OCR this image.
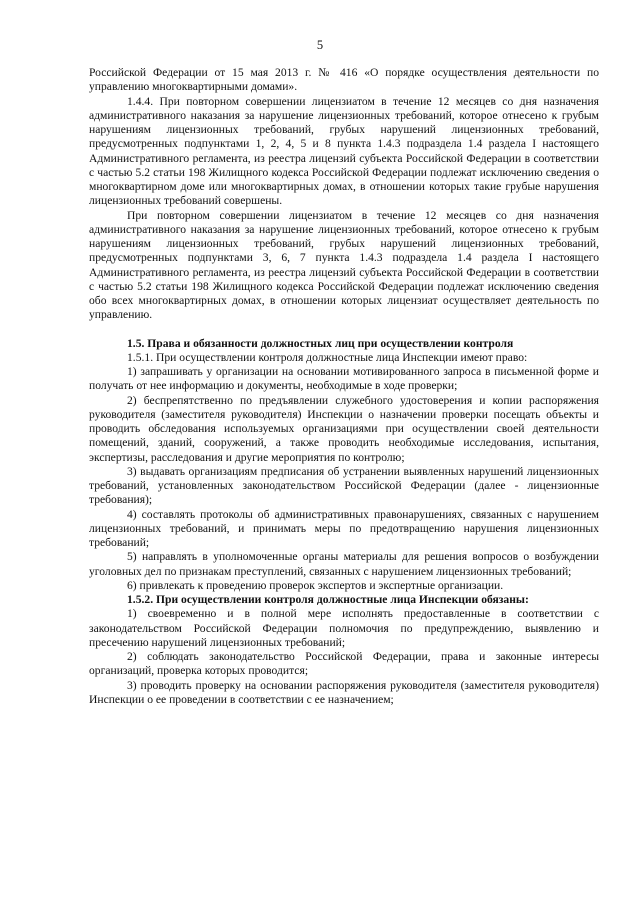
5

Российской Федерации от 15 мая 2013 г. № 416 «О порядке осуществления деятельности по управлению многоквартирными домами».

1.4.4. При повторном совершении лицензиатом в течение 12 месяцев со дня назначения административного наказания за нарушение лицензионных требований, которое отнесено к грубым нарушениям лицензионных требований, грубых нарушений лицензионных требований, предусмотренных подпунктами 1, 2, 4, 5 и 8 пункта 1.4.3 подраздела 1.4 раздела I настоящего Административного регламента, из реестра лицензий субъекта Российской Федерации в соответствии с частью 5.2 статьи 198 Жилищного кодекса Российской Федерации подлежат исключению сведения о многоквартирном доме или многоквартирных домах, в отношении которых такие грубые нарушения лицензионных требований совершены.

При повторном совершении лицензиатом в течение 12 месяцев со дня назначения административного наказания за нарушение лицензионных требований, которое отнесено к грубым нарушениям лицензионных требований, грубых нарушений лицензионных требований, предусмотренных подпунктами 3, 6, 7 пункта 1.4.3 подраздела 1.4 раздела I настоящего Административного регламента, из реестра лицензий субъекта Российской Федерации в соответствии с частью 5.2 статьи 198 Жилищного кодекса Российской Федерации подлежат исключению сведения обо всех многоквартирных домах, в отношении которых лицензиат осуществляет деятельность по управлению.

1.5. Права и обязанности должностных лиц при осуществлении контроля

1.5.1. При осуществлении контроля должностные лица Инспекции имеют право:

1) запрашивать у организации на основании мотивированного запроса в письменной форме и получать от нее информацию и документы, необходимые в ходе проверки;

2) беспрепятственно по предъявлении служебного удостоверения и копии распоряжения руководителя (заместителя руководителя) Инспекции о назначении проверки посещать объекты и проводить обследования используемых организациями при осуществлении своей деятельности помещений, зданий, сооружений, а также проводить необходимые исследования, испытания, экспертизы, расследования и другие мероприятия по контролю;

3) выдавать организациям предписания об устранении выявленных нарушений лицензионных требований, установленных законодательством Российской Федерации (далее - лицензионные требования);

4) составлять протоколы об административных правонарушениях, связанных с нарушением лицензионных требований, и принимать меры по предотвращению нарушения лицензионных требований;

5) направлять в уполномоченные органы материалы для решения вопросов о возбуждении уголовных дел по признакам преступлений, связанных с нарушением лицензионных требований;

6) привлекать к проведению проверок экспертов и экспертные организации.

1.5.2. При осуществлении контроля должностные лица Инспекции обязаны:

1) своевременно и в полной мере исполнять предоставленные в соответствии с законодательством Российской Федерации полномочия по предупреждению, выявлению и пресечению нарушений лицензионных требований;

2) соблюдать законодательство Российской Федерации, права и законные интересы организаций, проверка которых проводится;

3) проводить проверку на основании распоряжения руководителя (заместителя руководителя) Инспекции о ее проведении в соответствии с ее назначением;
